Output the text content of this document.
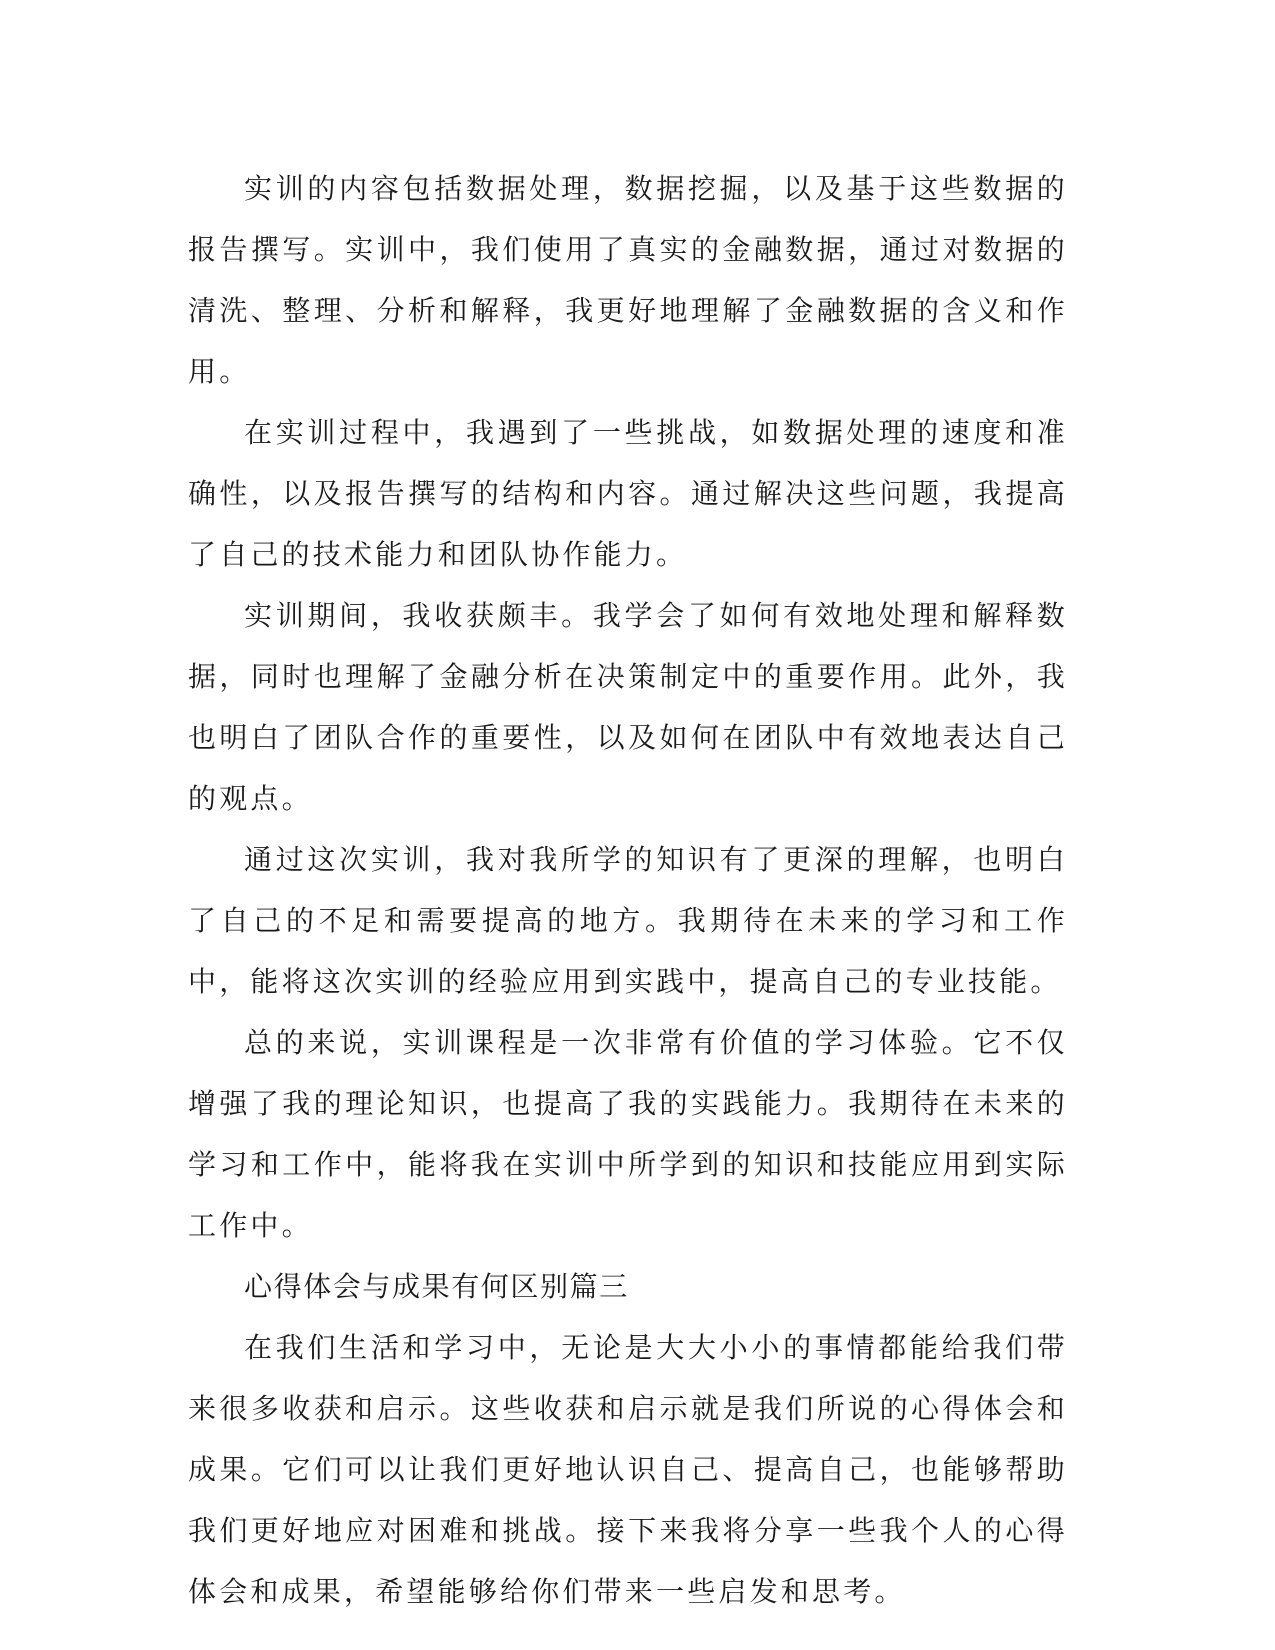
实训的内容包括数据处理，数据挖掘，以及基于这些数据的报告撰写。实训中，我们使用了真实的金融数据，通过对数据的清洗、整理、分析和解释，我更好地理解了金融数据的含义和作用。

在实训过程中，我遇到了一些挑战，如数据处理的速度和准确性，以及报告撰写的结构和内容。通过解决这些问题，我提高了自己的技术能力和团队协作能力。

实训期间，我收获颇丰。我学会了如何有效地处理和解释数据，同时也理解了金融分析在决策制定中的重要作用。此外，我也明白了团队合作的重要性，以及如何在团队中有效地表达自己的观点。

通过这次实训，我对我所学的知识有了更深的理解，也明白了自己的不足和需要提高的地方。我期待在未来的学习和工作中，能将这次实训的经验应用到实践中，提高自己的专业技能。

总的来说，实训课程是一次非常有价值的学习体验。它不仅增强了我的理论知识，也提高了我的实践能力。我期待在未来的学习和工作中，能将我在实训中所学到的知识和技能应用到实际工作中。

心得体会与成果有何区别篇三

在我们生活和学习中，无论是大大小小的事情都能给我们带来很多收获和启示。这些收获和启示就是我们所说的心得体会和成果。它们可以让我们更好地认识自己、提高自己，也能够帮助我们更好地应对困难和挑战。接下来我将分享一些我个人的心得体会和成果，希望能够给你们带来一些启发和思考。
